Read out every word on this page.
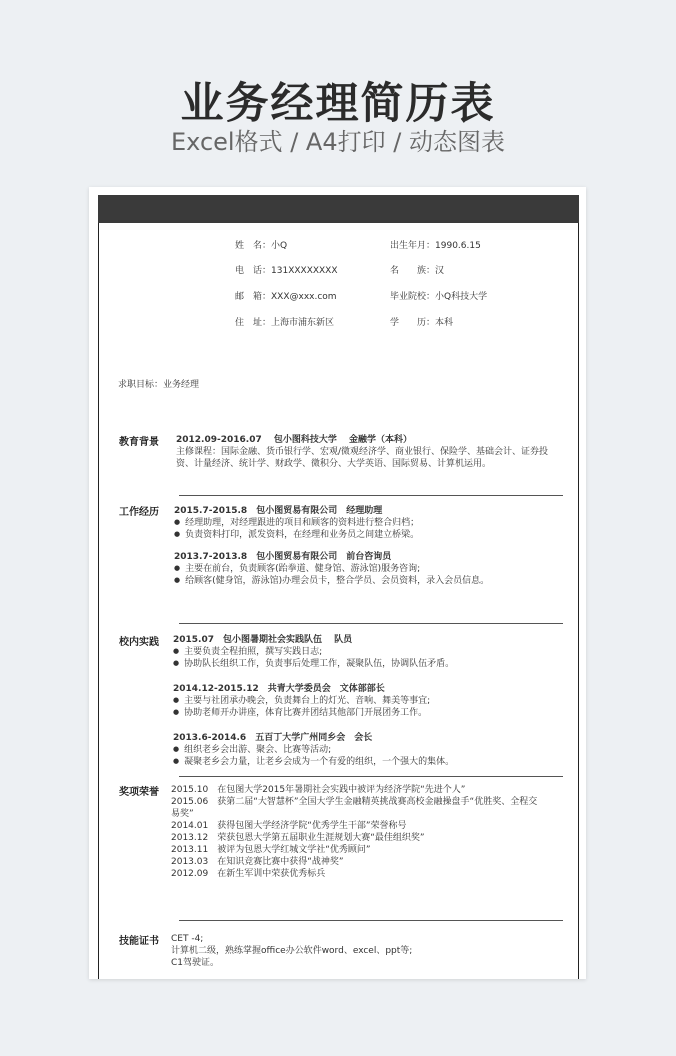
业务经理简历表
Excel格式 / A4打印 / 动态图表
姓　名：小Q	出生年月：1990.6.15
电　话：131XXXXXXXX	名　　族：汉
邮　箱：XXX@xxx.com	毕业院校：小Q科技大学
住　址：上海市浦东新区	学　　历：本科
求职目标：业务经理
教育背景 2012.09-2016.07　 包小图科技大学　 金融学（本科）
主修课程：国际金融、货币银行学、宏观/微观经济学、商业银行、保险学、基础会计、证券投
资、计量经济、统计学、财政学、微积分、大学英语、国际贸易、计算机运用。
工作经历 2015.7-2015.8　包小图贸易有限公司　经理助理
● 经理助理，对经理跟进的项目和顾客的资料进行整合归档；
● 负责资料打印，派发资料，在经理和业务员之间建立桥梁。
2013.7-2013.8　包小图贸易有限公司　前台咨询员
● 主要在前台，负责顾客(跆拳道、健身馆、游泳馆)服务咨询;
● 给顾客(健身馆，游泳馆)办理会员卡，整合学员、会员资料，录入会员信息。
校内实践 2015.07　包小图暑期社会实践队伍　 队员
● 主要负责全程拍照，撰写实践日志;
● 协助队长组织工作，负责事后处理工作，凝聚队伍，协调队伍矛盾。
2014.12-2015.12　共青大学委员会　文体部部长
● 主要与社团承办晚会，负责舞台上的灯光、音响、舞美等事宜;
● 协助老师开办讲座，体育比赛并团结其他部门开展团务工作。
2013.6-2014.6　五百丁大学广州同乡会　会长
● 组织老乡会出游、聚会、比赛等活动;
● 凝聚老乡会力量，让老乡会成为一个有爱的组织，一个强大的集体。
奖项荣誉 2015.10　在包图大学2015年暑期社会实践中被评为经济学院“先进个人”
2015.06　获第二届“大智慧杯”全国大学生金融精英挑战赛高校金融操盘手“优胜奖、全程交
易奖”
2014.01　获得包图大学经济学院“优秀学生干部”荣誉称号
2013.12　荣获包恩大学第五届职业生涯规划大赛“最佳组织奖”
2013.11　被评为包恩大学红城文学社“优秀顾问”
2013.03　在知识竞赛比赛中获得“战神奖”
2012.09　在新生军训中荣获优秀标兵
技能证书 CET -4;
计算机二级，熟练掌握office办公软件word、excel、ppt等;
C1驾驶证。
